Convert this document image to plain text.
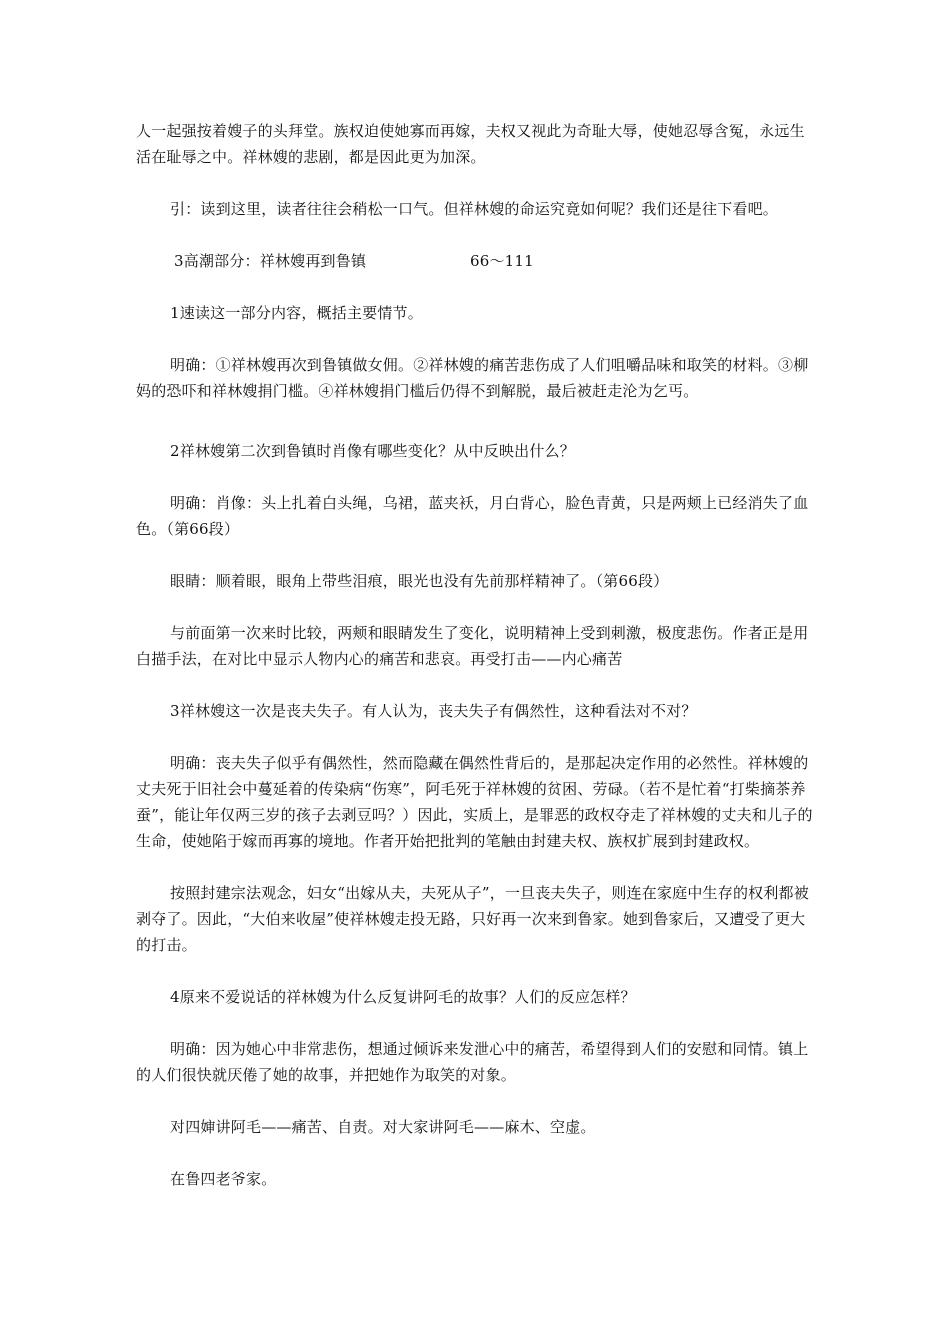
人一起强按着嫂子的头拜堂。族权迫使她寡而再嫁，夫权又视此为奇耻大辱，使她忍辱含冤，永远生活在耻辱之中。祥林嫂的悲剧，都是因此更为加深。

引：读到这里，读者往往会稍松一口气。但祥林嫂的命运究竟如何呢？我们还是往下看吧。

3高潮部分：祥林嫂再到鲁镇	66～111

1速读这一部分内容，概括主要情节。

明确：①祥林嫂再次到鲁镇做女佣。②祥林嫂的痛苦悲伤成了人们咀嚼品味和取笑的材料。③柳妈的恐吓和祥林嫂捐门槛。④祥林嫂捐门槛后仍得不到解脱，最后被赶走沦为乞丐。

2祥林嫂第二次到鲁镇时肖像有哪些变化？从中反映出什么？

明确：肖像：头上扎着白头绳，乌裙，蓝夹袄，月白背心，脸色青黄，只是两颊上已经消失了血色。（第66段）

眼睛：顺着眼，眼角上带些泪痕，眼光也没有先前那样精神了。（第66段）

与前面第一次来时比较，两颊和眼睛发生了变化，说明精神上受到刺激，极度悲伤。作者正是用白描手法，在对比中显示人物内心的痛苦和悲哀。再受打击——内心痛苦

3祥林嫂这一次是丧夫失子。有人认为，丧夫失子有偶然性，这种看法对不对？

明确：丧夫失子似乎有偶然性，然而隐藏在偶然性背后的，是那起决定作用的必然性。祥林嫂的丈夫死于旧社会中蔓延着的传染病“伤寒”，阿毛死于祥林嫂的贫困、劳碌。（若不是忙着“打柴摘茶养蚕”，能让年仅两三岁的孩子去剥豆吗？）因此，实质上，是罪恶的政权夺走了祥林嫂的丈夫和儿子的生命，使她陷于嫁而再寡的境地。作者开始把批判的笔触由封建夫权、族权扩展到封建政权。

按照封建宗法观念，妇女“出嫁从夫，夫死从子”，一旦丧夫失子，则连在家庭中生存的权利都被剥夺了。因此，“大伯来收屋”使祥林嫂走投无路，只好再一次来到鲁家。她到鲁家后，又遭受了更大的打击。

4原来不爱说话的祥林嫂为什么反复讲阿毛的故事？人们的反应怎样？

明确：因为她心中非常悲伤，想通过倾诉来发泄心中的痛苦，希望得到人们的安慰和同情。镇上的人们很快就厌倦了她的故事，并把她作为取笑的对象。

对四婶讲阿毛——痛苦、自责。对大家讲阿毛——麻木、空虚。

在鲁四老爷家。
